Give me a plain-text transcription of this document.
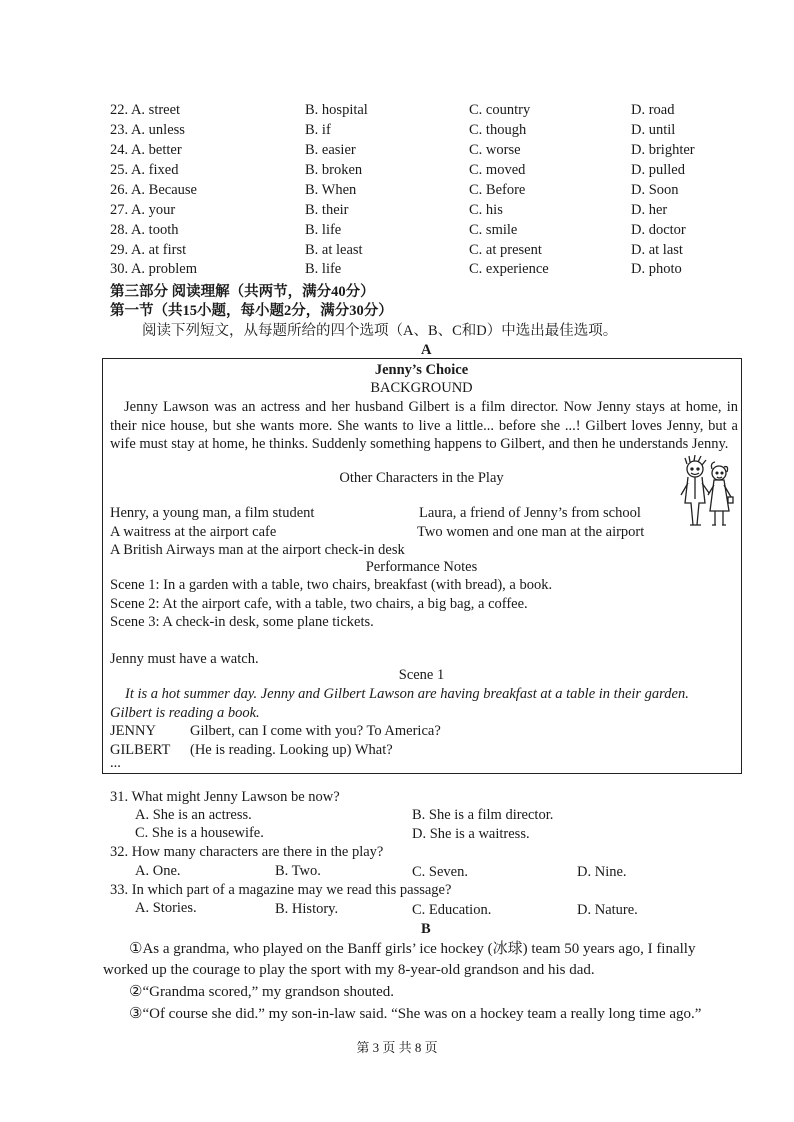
22. A. street	B. hospital	C. country	D. road
23. A. unless	B. if	C. though	D. until
24. A. better	B. easier	C. worse	D. brighter
25. A. fixed	B. broken	C. moved	D. pulled
26. A. Because	B. When	C. Before	D. Soon
27. A. your	B. their	C. his	D. her
28. A. tooth	B. life	C. smile	D. doctor
29. A. at first	B. at least	C. at present	D. at last
30. A. problem	B. life	C. experience	D. photo
第三部分 阅读理解（共两节，满分40分）
第一节（共15小题，每小题2分，满分30分）
阅读下列短文，从每题所给的四个选项（A、B、C和D）中选出最佳选项。
A
Jenny’s Choice
BACKGROUND
Jenny Lawson was an actress and her husband Gilbert is a film director. Now Jenny stays at home, in their nice house, but she wants more. She wants to live a little... before she ...! Gilbert loves Jenny, but a wife must stay at home, he thinks. Suddenly something happens to Gilbert, and then he understands Jenny.
Other Characters in the Play
Henry, a young man, a film student	Laura, a friend of Jenny’s from school
A waitress at the airport cafe	Two women and one man at the airport
A British Airways man at the airport check-in desk
Performance Notes
Scene 1: In a garden with a table, two chairs, breakfast (with bread), a book.
Scene 2: At the airport cafe, with a table, two chairs, a big bag, a coffee.
Scene 3: A check-in desk, some plane tickets.
Jenny must have a watch.
Scene 1
It is a hot summer day. Jenny and Gilbert Lawson are having breakfast at a table in their garden.
Gilbert is reading a book.
JENNY Gilbert, can I come with you? To America?
GILBERT (He is reading. Looking up) What?
...
31. What might Jenny Lawson be now?
A. She is an actress.	B. She is a film director.
C. She is a housewife.	D. She is a waitress.
32. How many characters are there in the play?
A. One.	B. Two.	C. Seven.	D. Nine.
33. In which part of a magazine may we read this passage?
A. Stories.	B. History.	C. Education.	D. Nature.
B
①As a grandma, who played on the Banff girls’ ice hockey (冰球) team 50 years ago, I finally
worked up the courage to play the sport with my 8-year-old grandson and his dad.
②“Grandma scored,” my grandson shouted.
③“Of course she did.” my son-in-law said. “She was on a hockey team a really long time ago.”
第 3 页 共 8 页
